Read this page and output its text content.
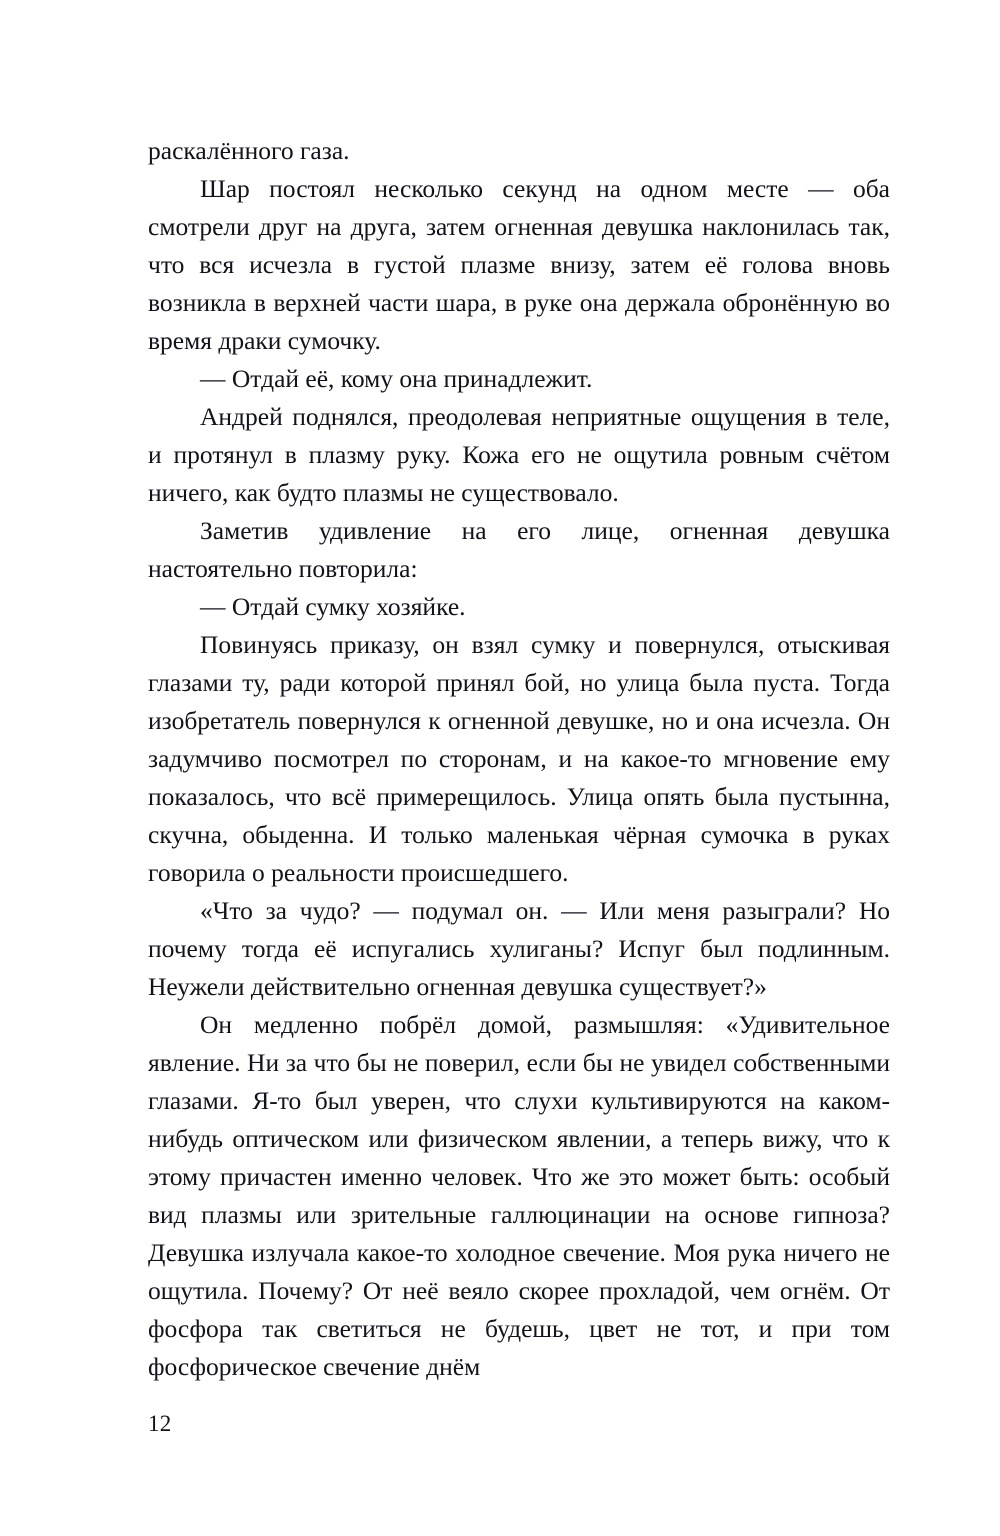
раскалённого газа.

Шар постоял несколько секунд на одном месте — оба смотрели друг на друга, затем огненная девушка наклонилась так, что вся исчезла в густой плазме внизу, затем её голова вновь возникла в верхней части шара, в руке она держала обронённую во время драки сумочку.

— Отдай её, кому она принадлежит.

Андрей поднялся, преодолевая неприятные ощущения в теле, и протянул в плазму руку. Кожа его не ощутила ровным счётом ничего, как будто плазмы не существовало.

Заметив удивление на его лице, огненная девушка настоятельно повторила:

— Отдай сумку хозяйке.

Повинуясь приказу, он взял сумку и повернулся, отыскивая глазами ту, ради которой принял бой, но улица была пуста. Тогда изобретатель повернулся к огненной девушке, но и она исчезла. Он задумчиво посмотрел по сторонам, и на какое-то мгновение ему показалось, что всё примерещилось. Улица опять была пустынна, скучна, обыденна. И только маленькая чёрная сумочка в руках говорила о реальности происшедшего.

«Что за чудо? — подумал он. — Или меня разыграли? Но почему тогда её испугались хулиганы? Испуг был подлинным. Неужели действительно огненная девушка существует?»

Он медленно побрёл домой, размышляя: «Удивительное явление. Ни за что бы не поверил, если бы не увидел собственными глазами. Я-то был уверен, что слухи культивируются на каком-нибудь оптическом или физическом явлении, а теперь вижу, что к этому причастен именно человек. Что же это может быть: особый вид плазмы или зрительные галлюцинации на основе гипноза? Девушка излучала какое-то холодное свечение. Моя рука ничего не ощутила. Почему? От неё веяло скорее прохладой, чем огнём. От фосфора так светиться не будешь, цвет не тот, и при том фосфорическое свечение днём

12
